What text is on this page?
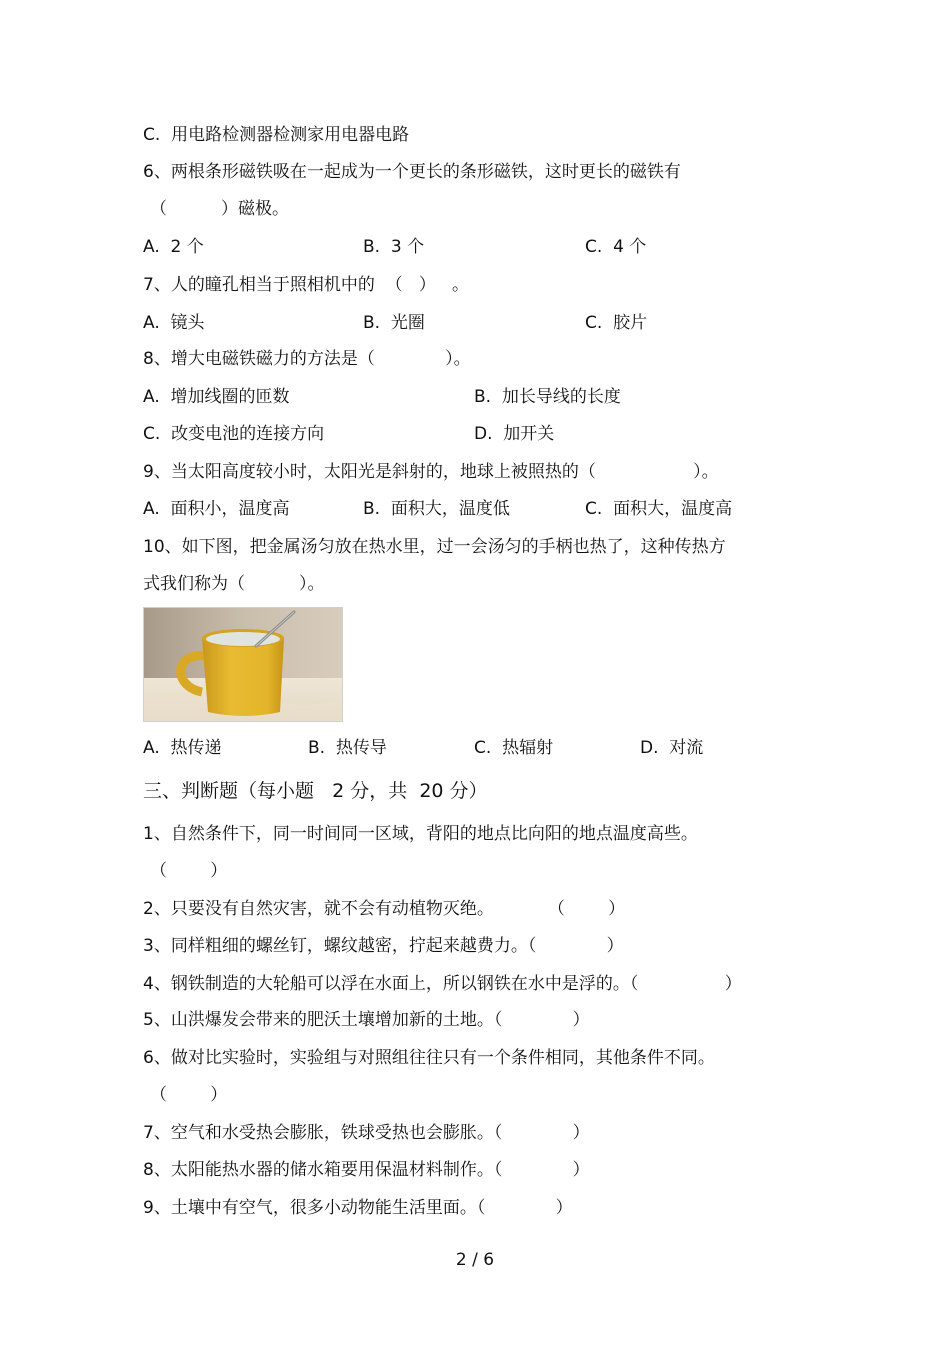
C.  用电路检测器检测家用电器电路
6、两根条形磁铁吸在一起成为一个更长的条形磁铁，这时更长的磁铁有
（          ）磁极。
A.  2 个	B.  3 个	C.  4 个
7、人的瞳孔相当于照相机中的  （   ）   。
A.  镜头	B.  光圈	C.  胶片
8、增大电磁铁磁力的方法是（             ）。
A.  增加线圈的匝数	B.  加长导线的长度
C.  改变电池的连接方向	D.  加开关
9、当太阳高度较小时，太阳光是斜射的，地球上被照热的（                  ）。
A.  面积小，温度高	B.  面积大，温度低	C.  面积大，温度高
10、如下图，把金属汤匀放在热水里，过一会汤匀的手柄也热了，这种传热方
式我们称为（          ）。
A.  热传递	B.  热传导	C.  热辐射	D.  对流
三、判断题（每小题   2 分，共  20 分）
1、自然条件下，同一时间同一区域，背阳的地点比向阳的地点温度高些。
（        ）
2、只要没有自然灾害，就不会有动植物灭绝。          （        ）
3、同样粗细的螺丝钉，螺纹越密，拧起来越费力。（             ）
4、钢铁制造的大轮船可以浮在水面上，所以钢铁在水中是浮的。（                ）
5、山洪爆发会带来的肥沃土壤增加新的土地。（             ）
6、做对比实验时，实验组与对照组往往只有一个条件相同，其他条件不同。
（        ）
7、空气和水受热会膨胀，铁球受热也会膨胀。（             ）
8、太阳能热水器的储水箱要用保温材料制作。（             ）
9、土壤中有空气，很多小动物能生活里面。（             ）
2 / 6
